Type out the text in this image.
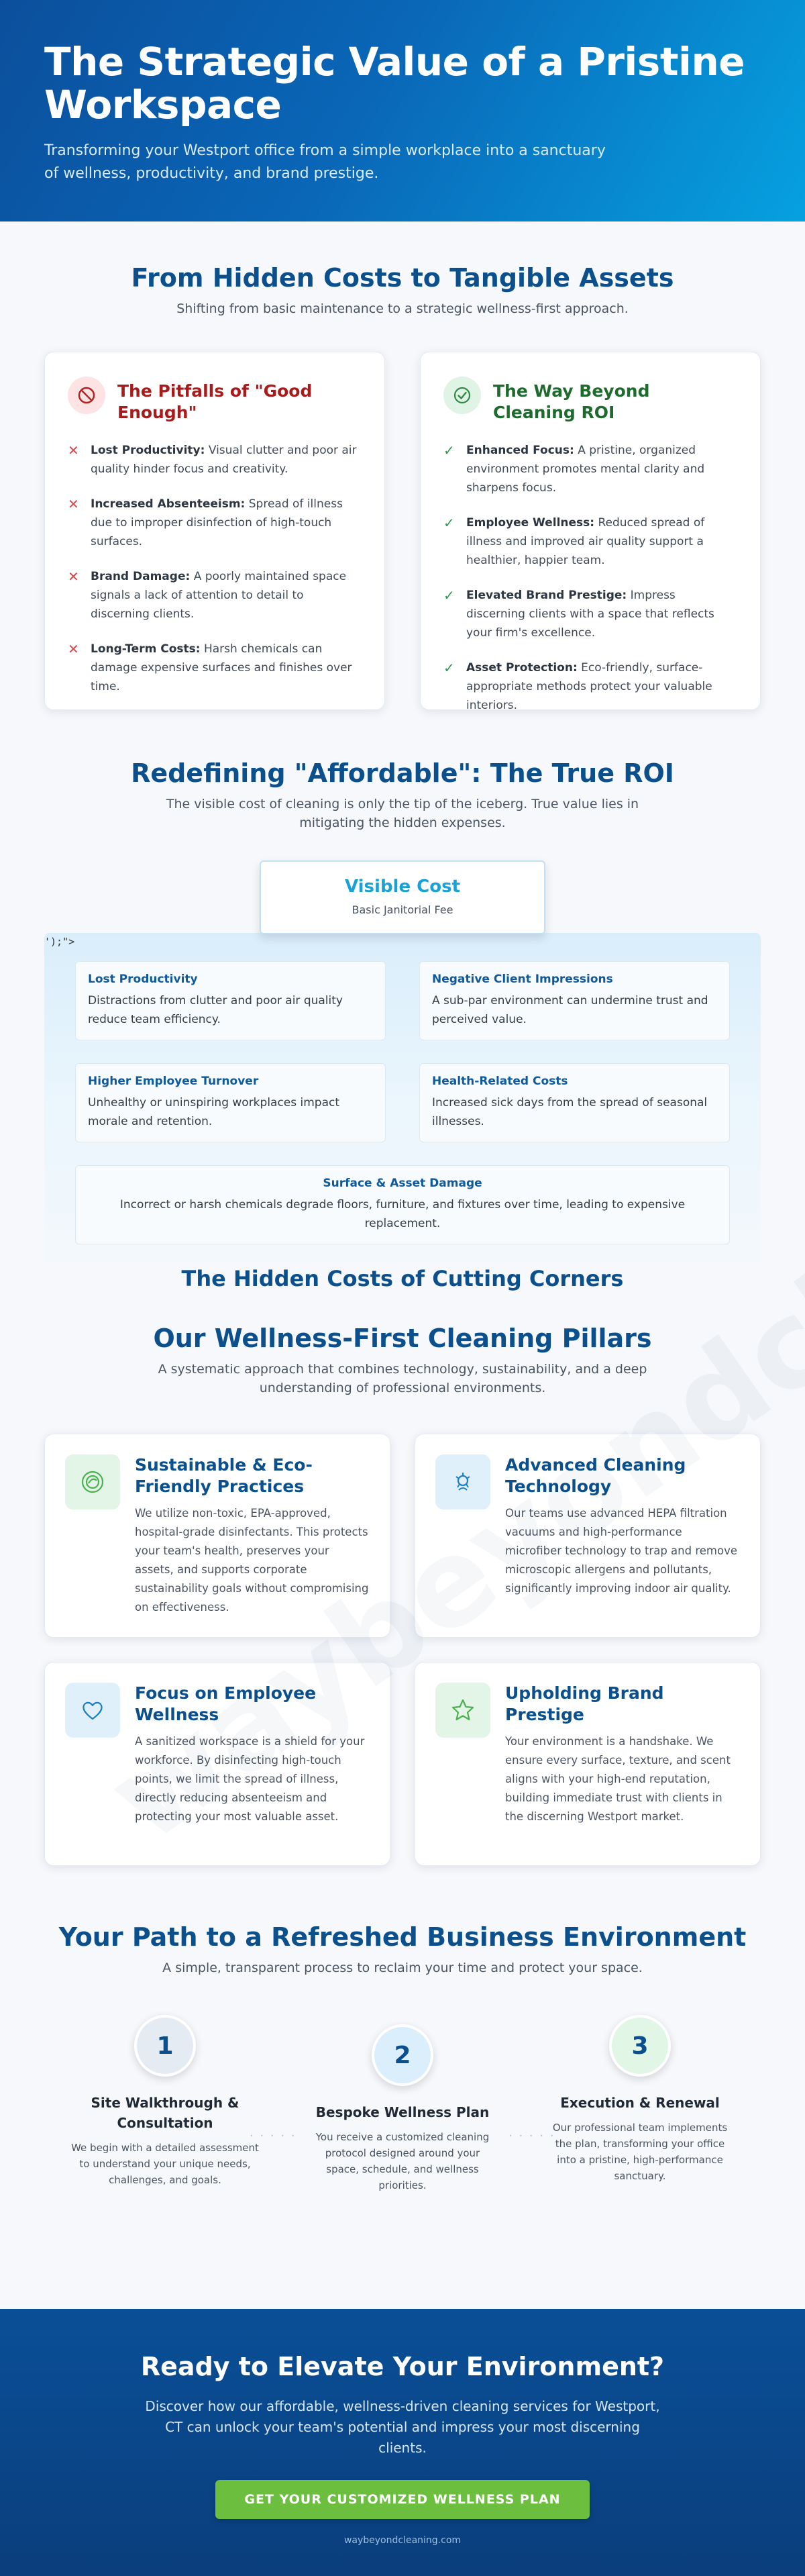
The Strategic Value of a Pristine Workspace

Transforming your Westport office from a simple workplace into a sanctuary of wellness, productivity, and brand prestige.

From Hidden Costs to Tangible Assets

Shifting from basic maintenance to a strategic wellness-first approach.

The Pitfalls of "Good Enough"
✕ Lost Productivity: Visual clutter and poor air quality hinder focus and creativity.
✕ Increased Absenteeism: Spread of illness due to improper disinfection of high-touch surfaces.
✕ Brand Damage: A poorly maintained space signals a lack of attention to detail to discerning clients.
✕ Long-Term Costs: Harsh chemicals can damage expensive surfaces and finishes over time.
The Way Beyond Cleaning ROI
✓ Enhanced Focus: A pristine, organized environment promotes mental clarity and sharpens focus.
✓ Employee Wellness: Reduced spread of illness and improved air quality support a healthier, happier team.
✓ Elevated Brand Prestige: Impress discerning clients with a space that reflects your firm's excellence.
✓ Asset Protection: Eco-friendly, surface-appropriate methods protect your valuable interiors.
Redefining "Affordable": The True ROI

The visible cost of cleaning is only the tip of the iceberg. True value lies in mitigating the hidden expenses.

Visible Cost
Basic Janitorial Fee
');">
Lost Productivity
Distractions from clutter and poor air quality reduce team efficiency.
Negative Client Impressions
A sub-par environment can undermine trust and perceived value.
Higher Employee Turnover
Unhealthy or uninspiring workplaces impact morale and retention.
Health-Related Costs
Increased sick days from the spread of seasonal illnesses.
Surface & Asset Damage
Incorrect or harsh chemicals degrade floors, furniture, and fixtures over time, leading to expensive replacement.
The Hidden Costs of Cutting Corners
Our Wellness-First Cleaning Pillars

A systematic approach that combines technology, sustainability, and a deep understanding of professional environments.

Sustainable & Eco-Friendly Practices

We utilize non-toxic, EPA-approved, hospital-grade disinfectants. This protects your team's health, preserves your assets, and supports corporate sustainability goals without compromising on effectiveness.

Advanced Cleaning Technology

Our teams use advanced HEPA filtration vacuums and high-performance microfiber technology to trap and remove microscopic allergens and pollutants, significantly improving indoor air quality.

Focus on Employee Wellness

A sanitized workspace is a shield for your workforce. By disinfecting high-touch points, we limit the spread of illness, directly reducing absenteeism and protecting your most valuable asset.

Upholding Brand Prestige

Your environment is a handshake. We ensure every surface, texture, and scent aligns with your high-end reputation, building immediate trust with clients in the discerning Westport market.

Your Path to a Refreshed Business Environment

A simple, transparent process to reclaim your time and protect your space.

1
Site Walkthrough & Consultation

We begin with a detailed assessment to understand your unique needs, challenges, and goals.

· · · · ·
2
Bespoke Wellness Plan

You receive a customized cleaning protocol designed around your space, schedule, and wellness priorities.

· · · · ·
3
Execution & Renewal

Our professional team implements the plan, transforming your office into a pristine, high-performance sanctuary.

Ready to Elevate Your Environment?

Discover how our affordable, wellness-driven cleaning services for Westport, CT can unlock your team's potential and impress your most discerning clients.

GET YOUR CUSTOMIZED WELLNESS PLAN
waybeyondcleaning.com
